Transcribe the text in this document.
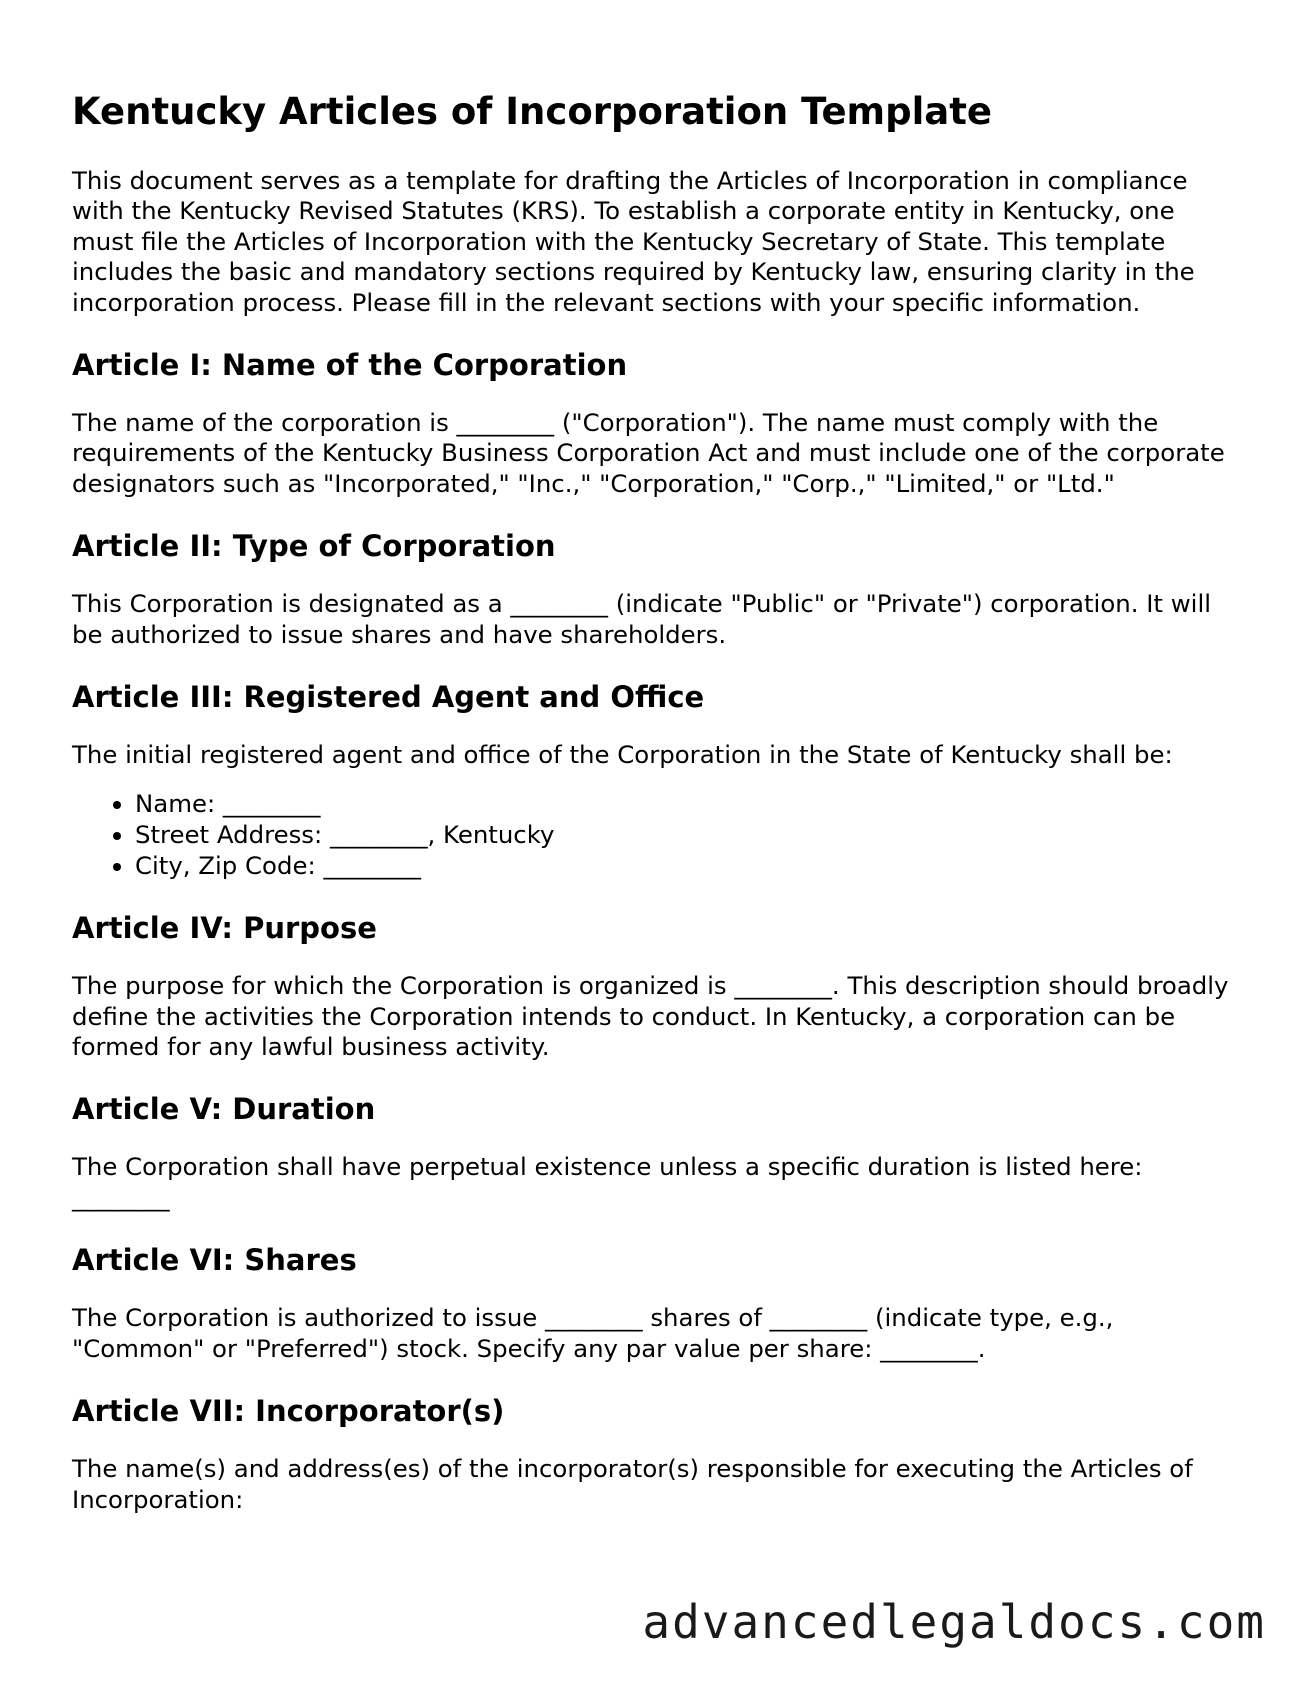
Kentucky Articles of Incorporation Template

This document serves as a template for drafting the Articles of Incorporation in compliance with the Kentucky Revised Statutes (KRS). To establish a corporate entity in Kentucky, one must file the Articles of Incorporation with the Kentucky Secretary of State. This template includes the basic and mandatory sections required by Kentucky law, ensuring clarity in the incorporation process. Please fill in the relevant sections with your specific information.

Article I: Name of the Corporation

The name of the corporation is ________ ("Corporation"). The name must comply with the requirements of the Kentucky Business Corporation Act and must include one of the corporate designators such as "Incorporated," "Inc.," "Corporation," "Corp.," "Limited," or "Ltd."

Article II: Type of Corporation

This Corporation is designated as a ________ (indicate "Public" or "Private") corporation. It will be authorized to issue shares and have shareholders.

Article III: Registered Agent and Office

The initial registered agent and office of the Corporation in the State of Kentucky shall be:

• Name: ________
• Street Address: ________, Kentucky
• City, Zip Code: ________
Article IV: Purpose

The purpose for which the Corporation is organized is ________. This description should broadly define the activities the Corporation intends to conduct. In Kentucky, a corporation can be formed for any lawful business activity.

Article V: Duration

The Corporation shall have perpetual existence unless a specific duration is listed here: ________

Article VI: Shares

The Corporation is authorized to issue ________ shares of ________ (indicate type, e.g., "Common" or "Preferred") stock. Specify any par value per share: ________.

Article VII: Incorporator(s)

The name(s) and address(es) of the incorporator(s) responsible for executing the Articles of Incorporation:

advancedlegaldocs.com
